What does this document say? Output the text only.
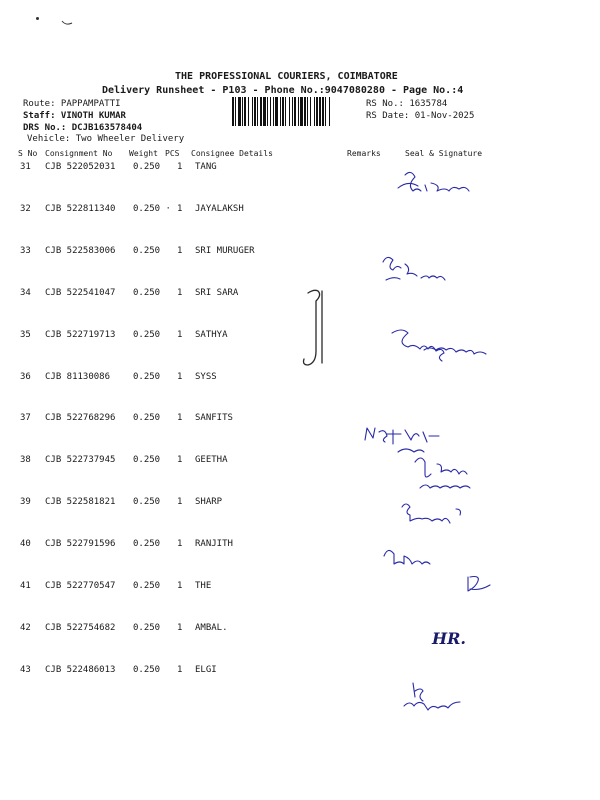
THE PROFESSIONAL COURIERS, COIMBATORE
Delivery Runsheet - P103 - Phone No.:9047080280 - Page No.:4
Route: PAPPAMPATTI
Staff: VINOTH KUMAR
DRS No.: DCJB163578404
Vehicle: Two Wheeler Delivery
RS No.: 1635784
RS Date: 01-Nov-2025
S No Consignment No Weight PCS Consignee Details	Remarks	Seal & Signature
31 CJB 522052031 0.250 1 TANG
32 CJB 522811340 0.250 · 1 JAYALAKSH
33 CJB 522583006 0.250 1 SRI MURUGER
34 CJB 522541047 0.250 1 SRI SARA
35 CJB 522719713 0.250 1 SATHYA
36 CJB 81130086	0.250 1 SYSS
37 CJB 522768296 0.250 1 SANFITS
38 CJB 522737945 0.250 1 GEETHA
39 CJB 522581821 0.250 1 SHARP
40 CJB 522791596 0.250 1 RANJITH
41 CJB 522770547 0.250 1 THE
42 CJB 522754682 0.250 1 AMBAL.
43 CJB 522486013 0.250 1 ELGI
A- Geni 2
9786067855
Vinoth 8861168426
7708322077
8864168426
HR.
